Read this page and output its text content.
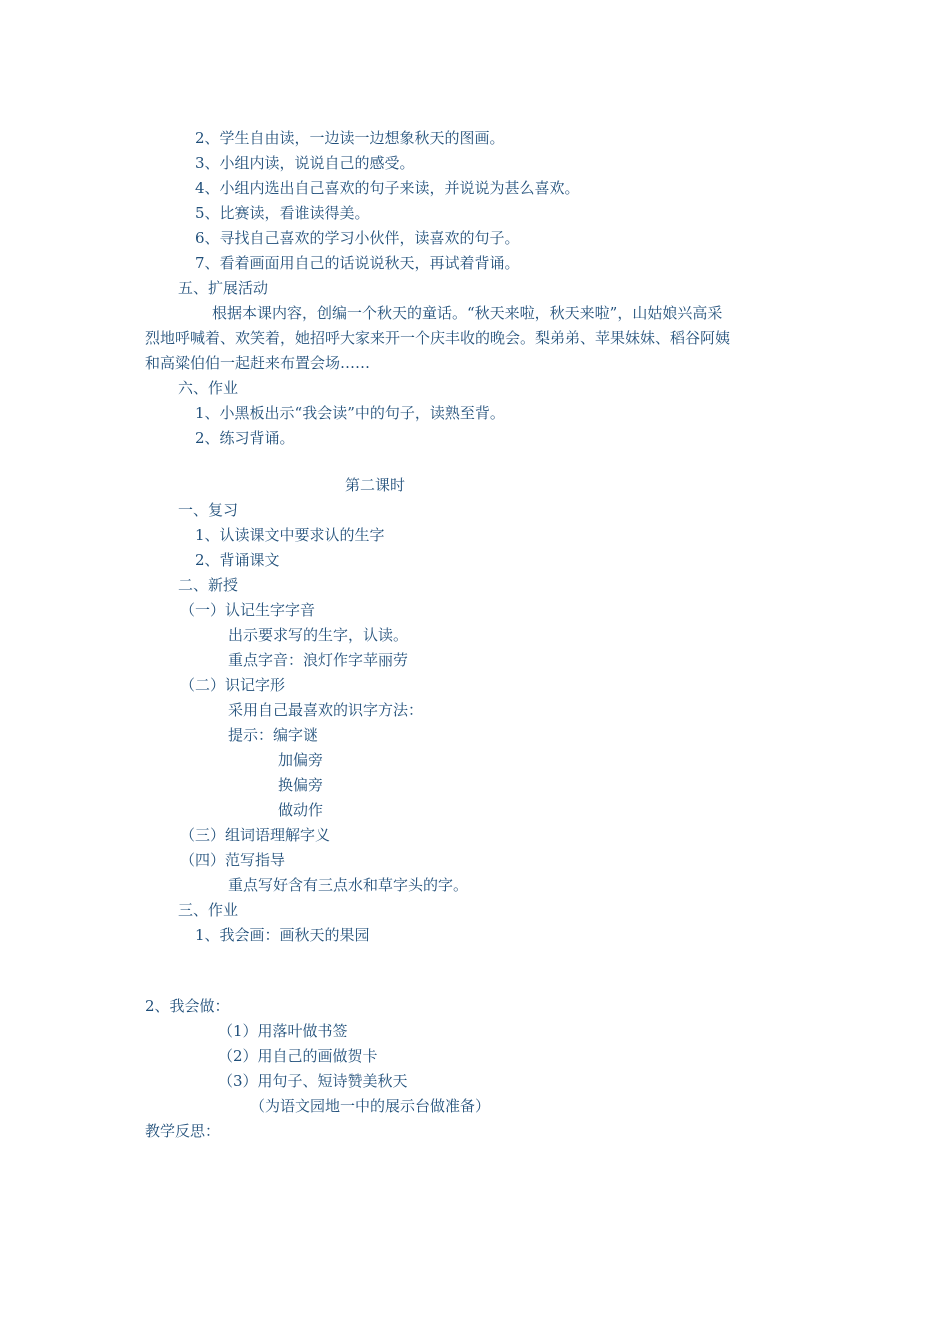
2、学生自由读，一边读一边想象秋天的图画。
3、小组内读，说说自己的感受。
4、小组内选出自己喜欢的句子来读，并说说为甚么喜欢。
5、比赛读，看谁读得美。
6、寻找自己喜欢的学习小伙伴，读喜欢的句子。
7、看着画面用自己的话说说秋天，再试着背诵。
五、扩展活动
根据本课内容，创编一个秋天的童话。“秋天来啦，秋天来啦”，山姑娘兴高采
烈地呼喊着、欢笑着，她招呼大家来开一个庆丰收的晚会。梨弟弟、苹果妹妹、稻谷阿姨
和高粱伯伯一起赶来布置会场……
六、作业
1、小黑板出示“我会读”中的句子，读熟至背。
2、练习背诵。
第二课时
一、复习
1、认读课文中要求认的生字
2、背诵课文
二、新授
（一）认记生字字音
出示要求写的生字，认读。
重点字音：浪灯作字苹丽劳
（二）识记字形
采用自己最喜欢的识字方法：
提示：编字谜
加偏旁
换偏旁
做动作
（三）组词语理解字义
（四）范写指导
重点写好含有三点水和草字头的字。
三、作业
1、我会画：画秋天的果园
2、我会做：
（1）用落叶做书签
（2）用自己的画做贺卡
（3）用句子、短诗赞美秋天
（为语文园地一中的展示台做准备）
教学反思：
